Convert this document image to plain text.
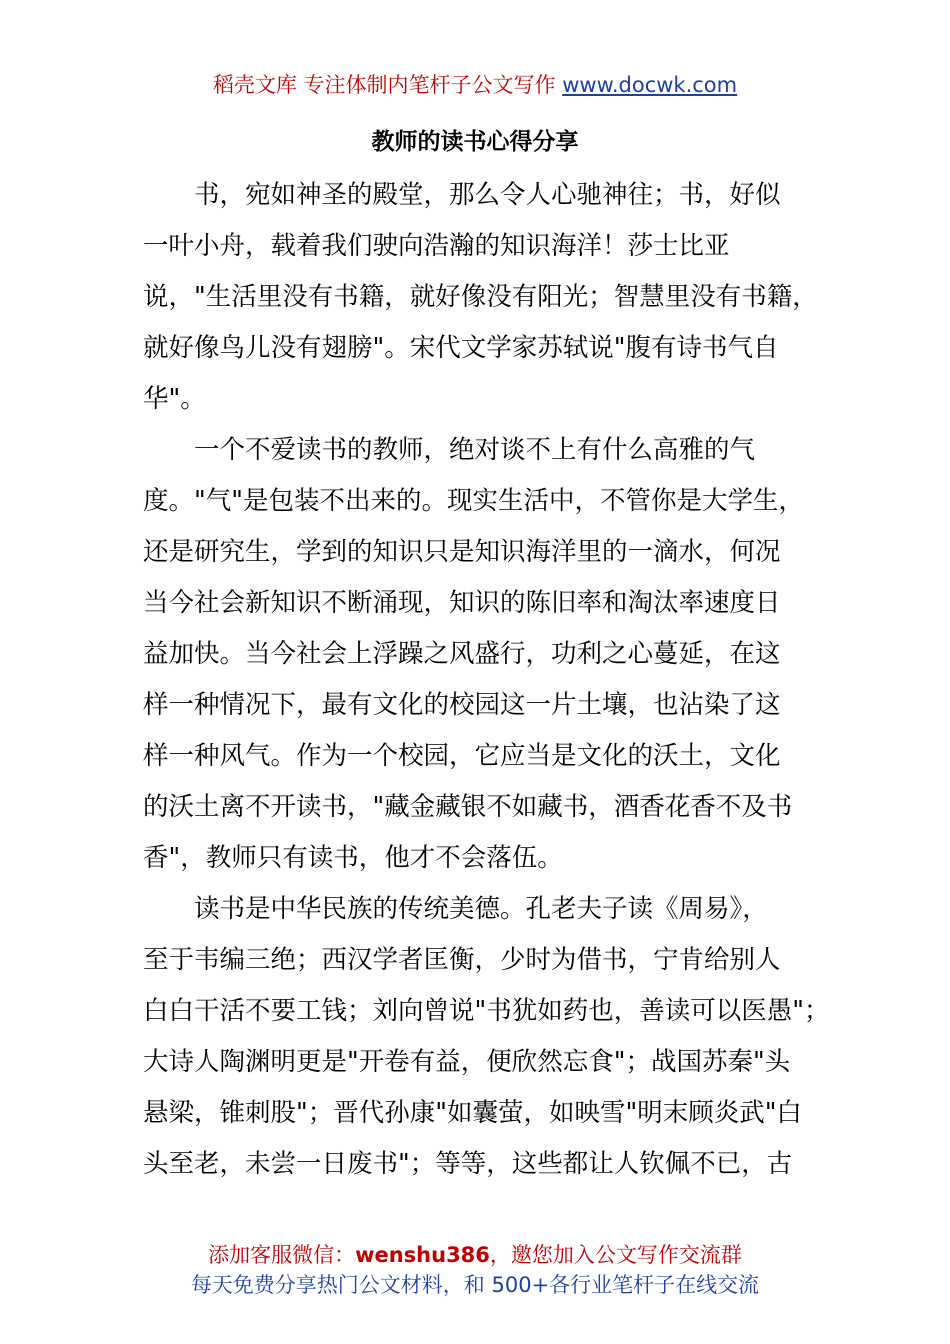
稻壳文库 专注体制内笔杆子公文写作 www.docwk.com
教师的读书心得分享
　　书，宛如神圣的殿堂，那么令人心驰神往；书，好似
一叶小舟，载着我们驶向浩瀚的知识海洋！莎士比亚
说，"生活里没有书籍，就好像没有阳光；智慧里没有书籍，
就好像鸟儿没有翅膀"。宋代文学家苏轼说"腹有诗书气自
华"。
　　一个不爱读书的教师，绝对谈不上有什么高雅的气
度。"气"是包装不出来的。现实生活中，不管你是大学生，
还是研究生，学到的知识只是知识海洋里的一滴水，何况
当今社会新知识不断涌现，知识的陈旧率和淘汰率速度日
益加快。当今社会上浮躁之风盛行，功利之心蔓延，在这
样一种情况下，最有文化的校园这一片土壤，也沾染了这
样一种风气。作为一个校园，它应当是文化的沃土，文化
的沃土离不开读书，"藏金藏银不如藏书，酒香花香不及书
香"，教师只有读书，他才不会落伍。
　　读书是中华民族的传统美德。孔老夫子读《周易》，
至于韦编三绝；西汉学者匡衡，少时为借书，宁肯给别人
白白干活不要工钱；刘向曾说"书犹如药也，善读可以医愚"；
大诗人陶渊明更是"开卷有益，便欣然忘食"；战国苏秦"头
悬梁，锥刺股"；晋代孙康"如囊萤，如映雪"明末顾炎武"白
头至老，未尝一日废书"；等等，这些都让人钦佩不已，古
添加客服微信：wenshu386，邀您加入公文写作交流群
每天免费分享热门公文材料，和 500+各行业笔杆子在线交流
